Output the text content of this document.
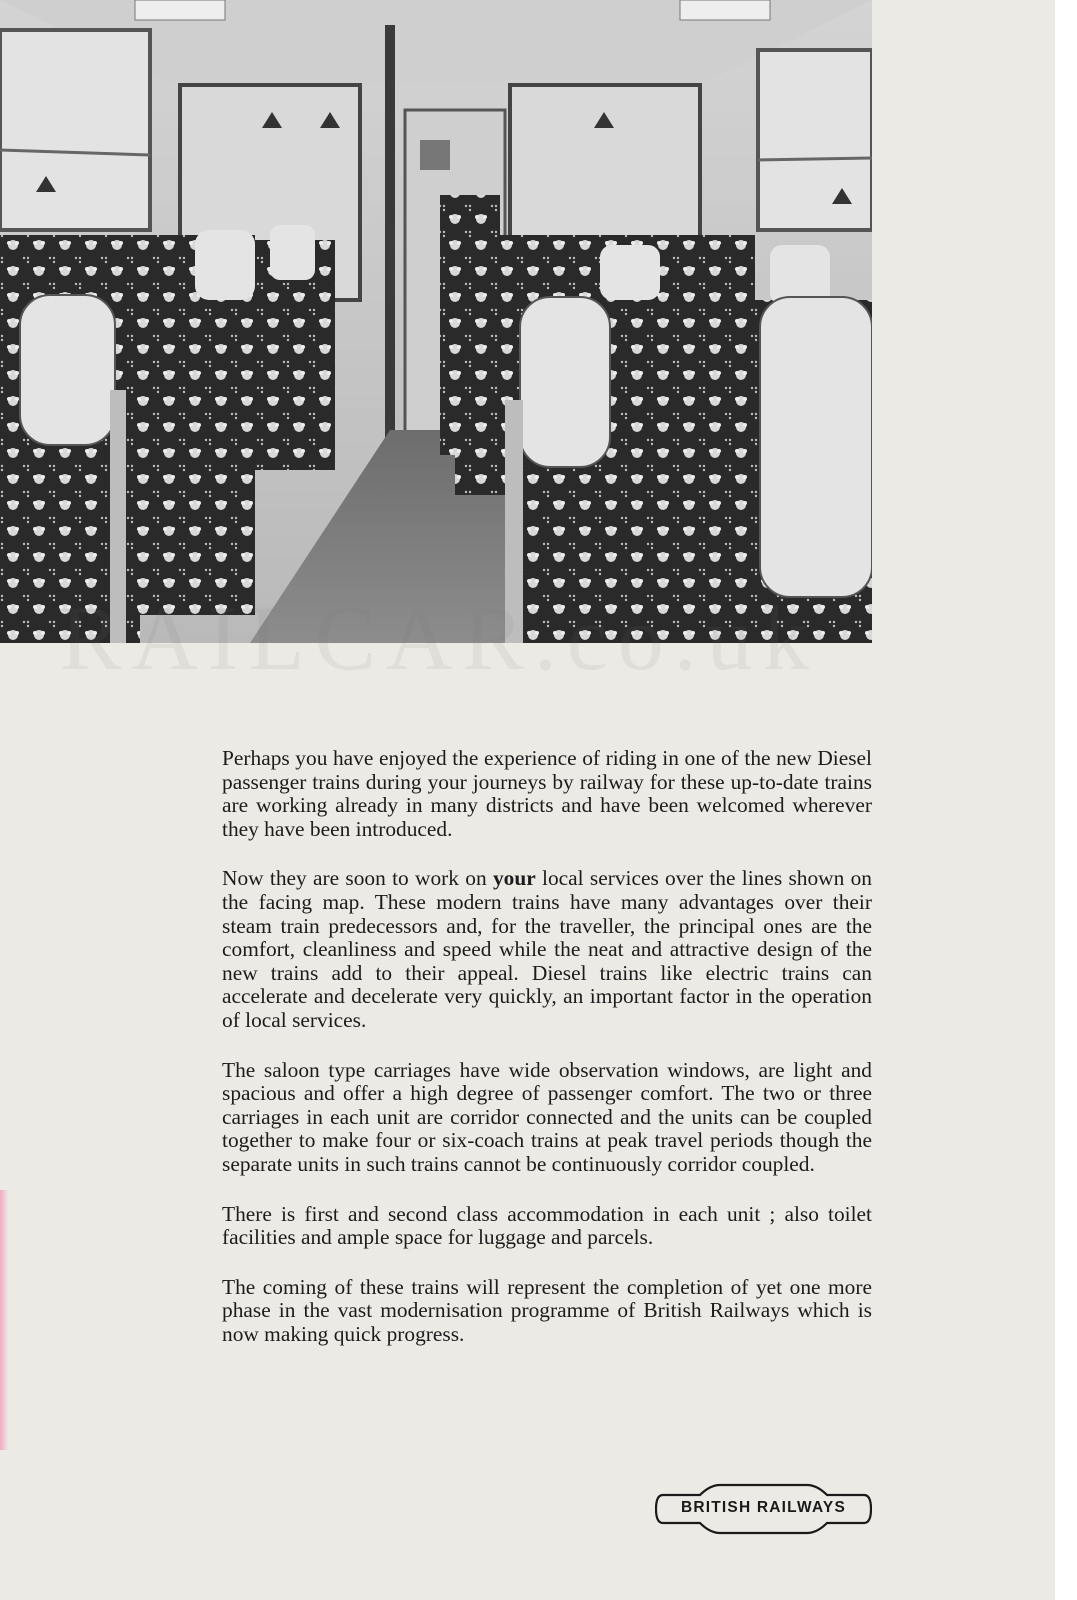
RAILCAR.co.uk

Perhaps you have enjoyed the experience of riding in one of the new Diesel passenger trains during your journeys by railway for these up-to-date trains are working already in many districts and have been welcomed wherever they have been introduced.

Now they are soon to work on your local services over the lines shown on the facing map. These modern trains have many advantages over their steam train predecessors and, for the traveller, the principal ones are the comfort, cleanliness and speed while the neat and attractive design of the new trains add to their appeal. Diesel trains like electric trains can accelerate and decelerate very quickly, an important factor in the operation of local services.

The saloon type carriages have wide observation windows, are light and spacious and offer a high degree of passenger comfort. The two or three carriages in each unit are corridor connected and the units can be coupled together to make four or six-coach trains at peak travel periods though the separate units in such trains cannot be continuously corridor coupled.

There is first and second class accommodation in each unit ; also toilet facilities and ample space for luggage and parcels.

The coming of these trains will represent the completion of yet one more phase in the vast modernisation programme of British Railways which is now making quick progress.

BRITISH RAILWAYS
